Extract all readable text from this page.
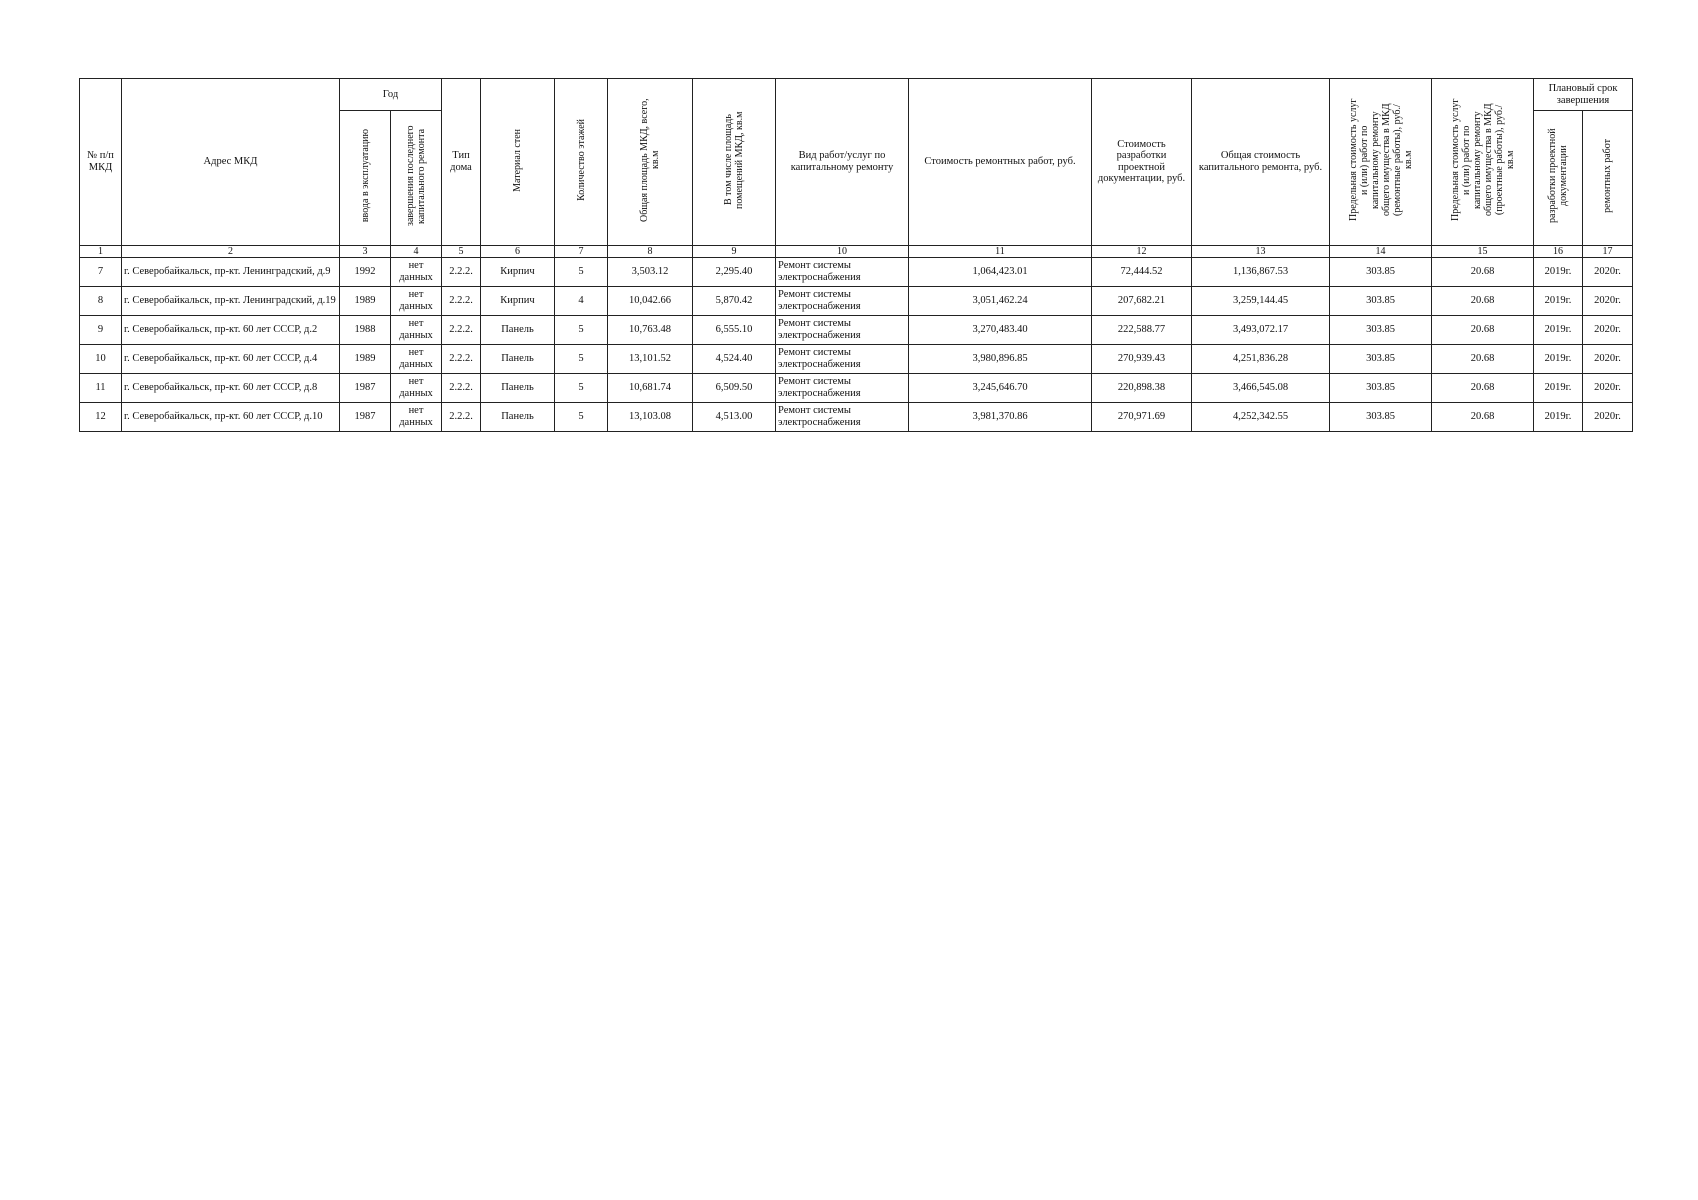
№ п/п МКД	Адрес МКД	Год		Тип дома	Материал стен	Количество этажей	Общая площадь МКД, всего, кв.м	В том числе площадь помещений МКД, кв.м	Вид работ/услуг по капитальному ремонту	Стоимость ремонтных работ, руб.	Стоимость разработки проектной документации, руб.	Общая стоимость капитального ремонта, руб.	Предельная стоимость услуг и (или) работ по капитальному ремонту общего имущества в МКД (ремонтные работы), руб./кв.м	Предельная стоимость услуг и (или) работ по капитальному ремонту общего имущества в МКД (проектные работы), руб./кв.м	Плановый срок завершения	
		ввода в эксплуатацию	завершения последнего капитального ремонта												разработки проектной документации	ремонтных работ
1	2	3	4	5	6	7	8	9	10	11	12	13	14	15	16	17
7	г. Северобайкальск, пр-кт. Ленинградский, д.9	1992	нет данных	2.2.2.	Кирпич	5	3,503.12	2,295.40	Ремонт системы электроснабжения	1,064,423.01	72,444.52	1,136,867.53	303.85	20.68	2019г.	2020г.
8	г. Северобайкальск, пр-кт. Ленинградский, д.19	1989	нет данных	2.2.2.	Кирпич	4	10,042.66	5,870.42	Ремонт системы электроснабжения	3,051,462.24	207,682.21	3,259,144.45	303.85	20.68	2019г.	2020г.
9	г. Северобайкальск, пр-кт. 60 лет СССР, д.2	1988	нет данных	2.2.2.	Панель	5	10,763.48	6,555.10	Ремонт системы электроснабжения	3,270,483.40	222,588.77	3,493,072.17	303.85	20.68	2019г.	2020г.
10	г. Северобайкальск, пр-кт. 60 лет СССР, д.4	1989	нет данных	2.2.2.	Панель	5	13,101.52	4,524.40	Ремонт системы электроснабжения	3,980,896.85	270,939.43	4,251,836.28	303.85	20.68	2019г.	2020г.
11	г. Северобайкальск, пр-кт. 60 лет СССР, д.8	1987	нет данных	2.2.2.	Панель	5	10,681.74	6,509.50	Ремонт системы электроснабжения	3,245,646.70	220,898.38	3,466,545.08	303.85	20.68	2019г.	2020г.
12	г. Северобайкальск, пр-кт. 60 лет СССР, д.10	1987	нет данных	2.2.2.	Панель	5	13,103.08	4,513.00	Ремонт системы электроснабжения	3,981,370.86	270,971.69	4,252,342.55	303.85	20.68	2019г.	2020г.
